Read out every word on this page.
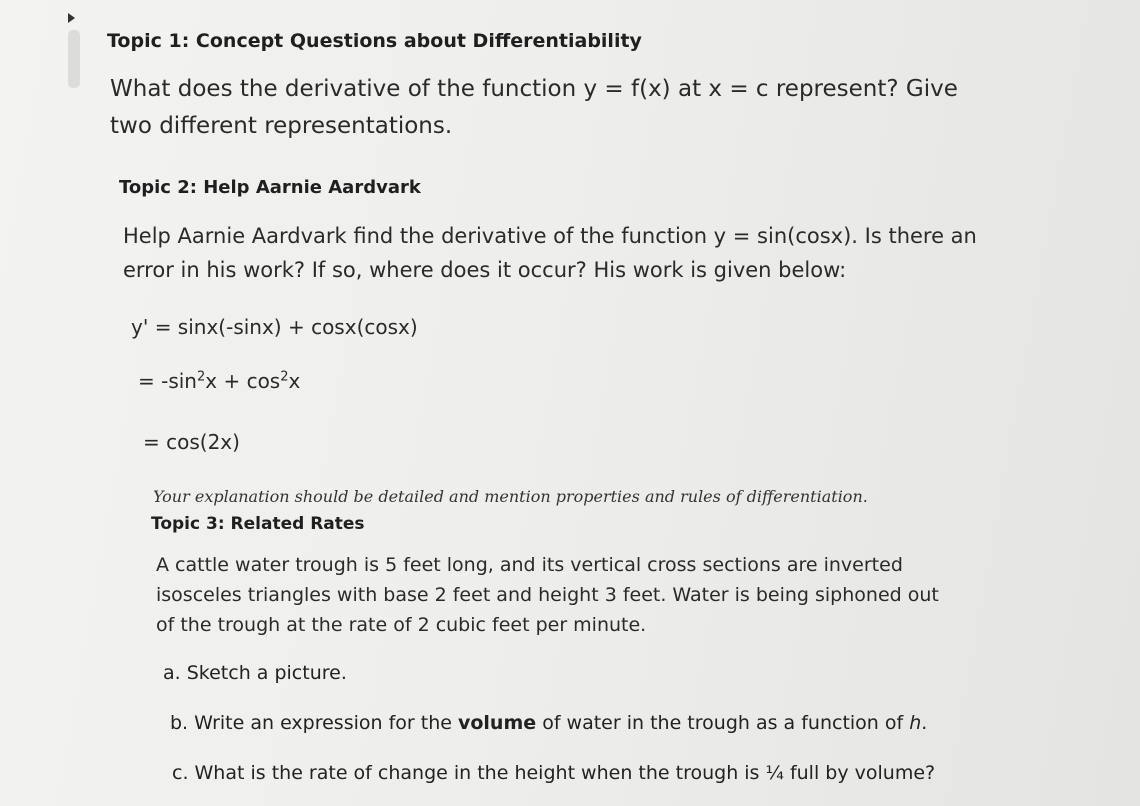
Topic 1: Concept Questions about Differentiability
What does the derivative of the function y = f(x) at x = c represent? Give two different representations.
Topic 2: Help Aarnie Aardvark
Help Aarnie Aardvark find the derivative of the function y = sin(cosx). Is there an error in his work? If so, where does it occur? His work is given below:
y' = sinx(-sinx) + cosx(cosx)
= $-\sin^2x + \cos^2x$
= cos(2x)
Your explanation should be detailed and mention properties and rules of differentiation.
Topic 3: Related Rates
A cattle water trough is 5 feet long, and its vertical cross sections are inverted isosceles triangles with base 2 feet and height 3 feet. Water is being siphoned out of the trough at the rate of 2 cubic feet per minute.
a. Sketch a picture.
b. Write an expression for the volume of water in the trough as a function of h.
c. What is the rate of change in the height when the trough is ¼ full by volume?
